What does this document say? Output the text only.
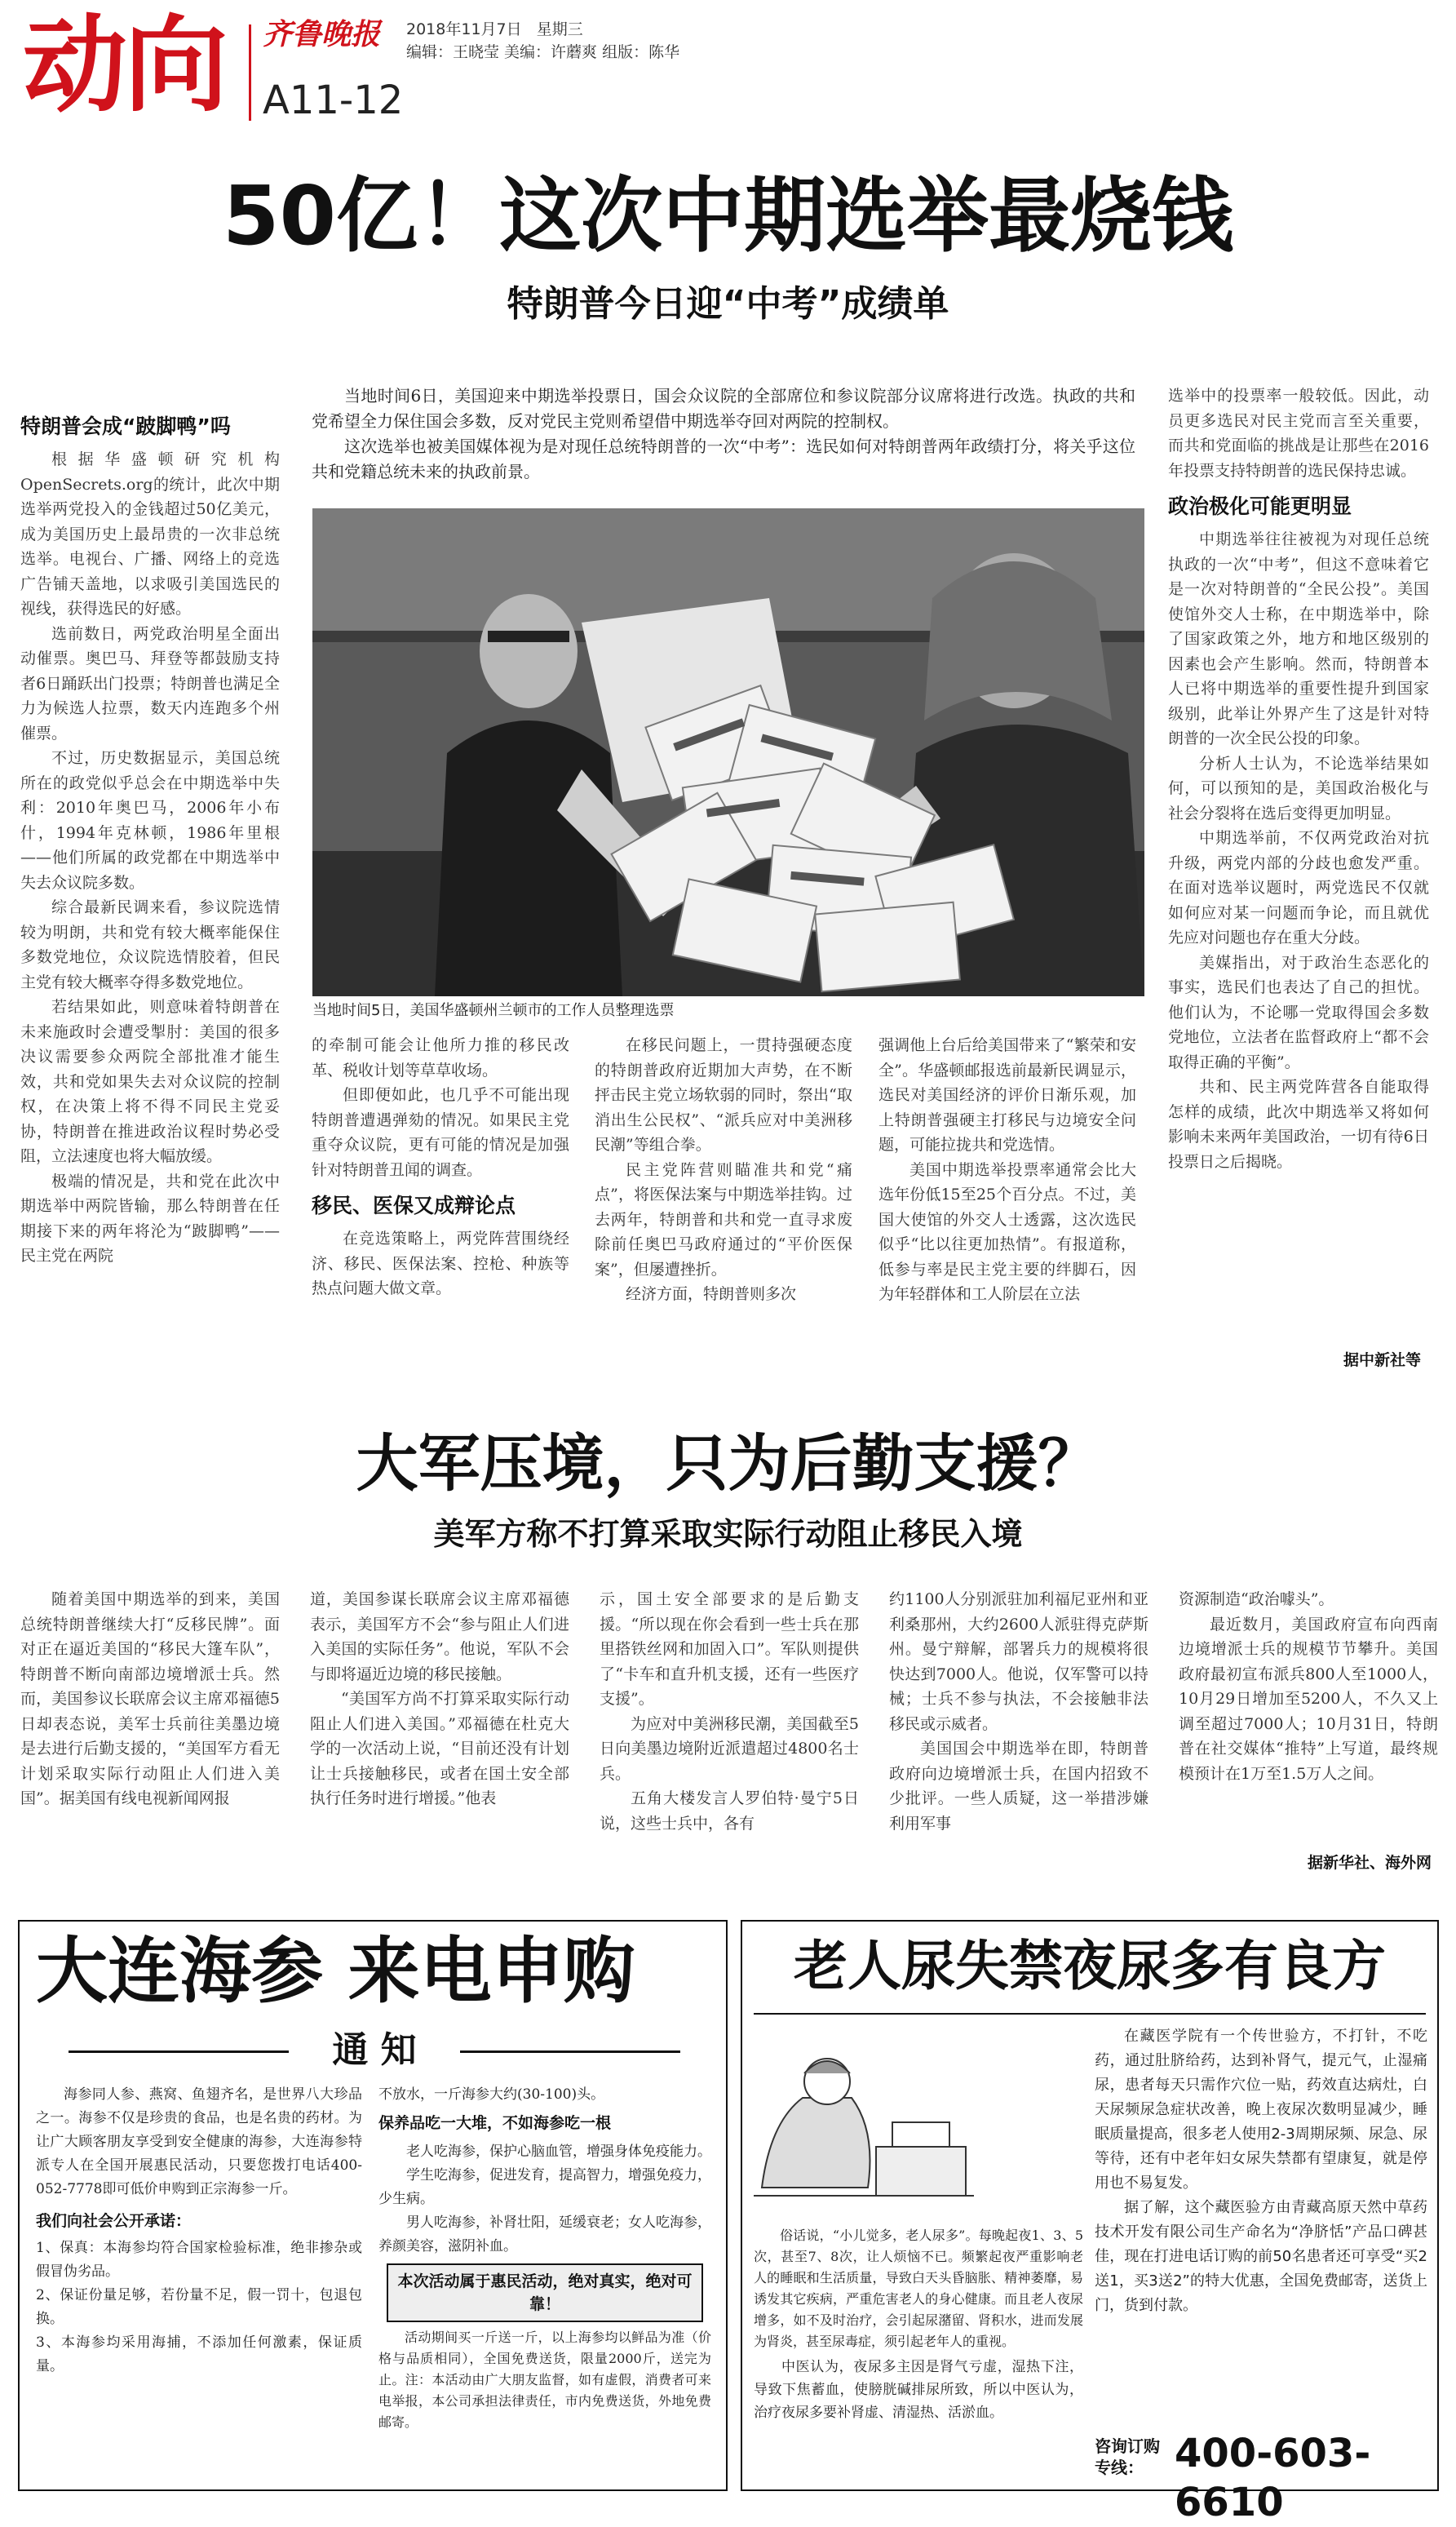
动向 齐鲁晚报 2018年11月7日 星期三
编辑：王晓莹 美编：许蘑爽 组版：陈华
A11-12
50亿！这次中期选举最烧钱
特朗普今日迎“中考”成绩单
特朗普会成“跛脚鸭”吗

根据华盛顿研究机构OpenSecrets.org的统计，此次中期选举两党投入的金钱超过50亿美元，成为美国历史上最昂贵的一次非总统选举。电视台、广播、网络上的竞选广告铺天盖地，以求吸引美国选民的视线，获得选民的好感。

选前数日，两党政治明星全面出动催票。奥巴马、拜登等都鼓励支持者6日踊跃出门投票；特朗普也满足全力为候选人拉票，数天内连跑多个州催票。

不过，历史数据显示，美国总统所在的政党似乎总会在中期选举中失利：2010年奥巴马，2006年小布什，1994年克林顿，1986年里根——他们所属的政党都在中期选举中失去众议院多数。

综合最新民调来看，参议院选情较为明朗，共和党有较大概率能保住多数党地位，众议院选情胶着，但民主党有较大概率夺得多数党地位。

若结果如此，则意味着特朗普在未来施政时会遭受掣肘：美国的很多决议需要参众两院全部批准才能生效，共和党如果失去对众议院的控制权，在决策上将不得不同民主党妥协，特朗普在推进政治议程时势必受阻，立法速度也将大幅放缓。

极端的情况是，共和党在此次中期选举中两院皆输，那么特朗普在任期接下来的两年将沦为“跛脚鸭”——民主党在两院

当地时间6日，美国迎来中期选举投票日，国会众议院的全部席位和参议院部分议席将进行改选。执政的共和党希望全力保住国会多数，反对党民主党则希望借中期选举夺回对两院的控制权。

这次选举也被美国媒体视为是对现任总统特朗普的一次“中考”：选民如何对特朗普两年政绩打分，将关乎这位共和党籍总统未来的执政前景。

当地时间5日，美国华盛顿州兰顿市的工作人员整理选票

的牵制可能会让他所力推的移民改革、税收计划等草草收场。

但即便如此，也几乎不可能出现特朗普遭遇弹劾的情况。如果民主党重夺众议院，更有可能的情况是加强针对特朗普丑闻的调查。

移民、医保又成辩论点

在竞选策略上，两党阵营围绕经济、移民、医保法案、控枪、种族等热点问题大做文章。

在移民问题上，一贯持强硬态度的特朗普政府近期加大声势，在不断抨击民主党立场软弱的同时，祭出“取消出生公民权”、“派兵应对中美洲移民潮”等组合拳。

民主党阵营则瞄准共和党“痛点”，将医保法案与中期选举挂钩。过去两年，特朗普和共和党一直寻求废除前任奥巴马政府通过的“平价医保案”，但屡遭挫折。

经济方面，特朗普则多次

强调他上台后给美国带来了“繁荣和安全”。华盛顿邮报选前最新民调显示，选民对美国经济的评价日渐乐观，加上特朗普强硬主打移民与边境安全问题，可能拉拢共和党选情。

美国中期选举投票率通常会比大选年份低15至25个百分点。不过，美国大使馆的外交人士透露，这次选民似乎“比以往更加热情”。有报道称，低参与率是民主党主要的绊脚石，因为年轻群体和工人阶层在立法

选举中的投票率一般较低。因此，动员更多选民对民主党而言至关重要，而共和党面临的挑战是让那些在2016年投票支持特朗普的选民保持忠诚。

政治极化可能更明显

中期选举往往被视为对现任总统执政的一次“中考”，但这不意味着它是一次对特朗普的“全民公投”。美国使馆外交人士称，在中期选举中，除了国家政策之外，地方和地区级别的因素也会产生影响。然而，特朗普本人已将中期选举的重要性提升到国家级别，此举让外界产生了这是针对特朗普的一次全民公投的印象。

分析人士认为，不论选举结果如何，可以预知的是，美国政治极化与社会分裂将在选后变得更加明显。

中期选举前，不仅两党政治对抗升级，两党内部的分歧也愈发严重。在面对选举议题时，两党选民不仅就如何应对某一问题而争论，而且就优先应对问题也存在重大分歧。

美媒指出，对于政治生态恶化的事实，选民们也表达了自己的担忧。他们认为，不论哪一党取得国会多数党地位，立法者在监督政府上“都不会取得正确的平衡”。

共和、民主两党阵营各自能取得怎样的成绩，此次中期选举又将如何影响未来两年美国政治，一切有待6日投票日之后揭晓。

据中新社等
大军压境，只为后勤支援？
美军方称不打算采取实际行动阻止移民入境

随着美国中期选举的到来，美国总统特朗普继续大打“反移民牌”。面对正在逼近美国的“移民大篷车队”，特朗普不断向南部边境增派士兵。然而，美国参议长联席会议主席邓福德5日却表态说，美军士兵前往美墨边境是去进行后勤支援的，“美国军方看无计划采取实际行动阻止人们进入美国”。据美国有线电视新闻网报

道，美国参谋长联席会议主席邓福德表示，美国军方不会“参与阻止人们进入美国的实际任务”。他说，军队不会与即将逼近边境的移民接触。

“美国军方尚不打算采取实际行动阻止人们进入美国。”邓福德在杜克大学的一次活动上说，“目前还没有计划让士兵接触移民，或者在国土安全部执行任务时进行增援。”他表

示，国土安全部要求的是后勤支援。“所以现在你会看到一些士兵在那里搭铁丝网和加固入口”。军队则提供了“卡车和直升机支援，还有一些医疗支援”。

为应对中美洲移民潮，美国截至5日向美墨边境附近派遣超过4800名士兵。

五角大楼发言人罗伯特·曼宁5日说，这些士兵中，各有

约1100人分别派驻加利福尼亚州和亚利桑那州，大约2600人派驻得克萨斯州。曼宁辩解，部署兵力的规模将很快达到7000人。他说，仅军警可以持械；士兵不参与执法，不会接触非法移民或示威者。

美国国会中期选举在即，特朗普政府向边境增派士兵，在国内招致不少批评。一些人质疑，这一举措涉嫌利用军事

资源制造“政治噱头”。

最近数月，美国政府宣布向西南边境增派士兵的规模节节攀升。美国政府最初宣布派兵800人至1000人，10月29日增加至5200人，不久又上调至超过7000人；10月31日，特朗普在社交媒体“推特”上写道，最终规模预计在1万至1.5万人之间。

据新华社、海外网
大连海参 来电申购
通 知

海参同人参、燕窝、鱼翅齐名，是世界八大珍品之一。海参不仅是珍贵的食品，也是名贵的药材。为让广大顾客朋友享受到安全健康的海参，大连海参特派专人在全国开展惠民活动，只要您拨打电话400-052-7778即可低价申购到正宗海参一斤。

我们向社会公开承诺：
1、保真：本海参均符合国家检验标准，绝非掺杂或假冒伪劣品。
2、保证份量足够，若份量不足，假一罚十，包退包换。
3、本海参均采用海捕，不添加任何激素，保证质量。
不放水，一斤海参大约(30-100)头。
保养品吃一大堆，不如海参吃一根

老人吃海参，保护心脑血管，增强身体免疫能力。

学生吃海参，促进发育，提高智力，增强免疫力，少生病。

男人吃海参，补肾壮阳，延缓衰老；女人吃海参，养颜美容，滋阴补血。

本次活动属于惠民活动，绝对真实，绝对可靠！

活动期间买一斤送一斤，以上海参均以鲜品为准（价格与品质相同），全国免费送货，限量2000斤，送完为止。注：本活动由广大朋友监督，如有虚假，消费者可来电举报，本公司承担法律责任，市内免费送货，外地免费邮寄。

老人尿失禁夜尿多有良方

俗话说，“小儿觉多，老人尿多”。每晚起夜1、3、5次，甚至7、8次，让人烦恼不已。频繁起夜严重影响老人的睡眠和生活质量，导致白天头昏脑胀、精神萎靡，易诱发其它疾病，严重危害老人的身心健康。而且老人夜尿增多，如不及时治疗，会引起尿潴留、肾积水，进而发展为肾炎，甚至尿毒症，须引起老年人的重视。

中医认为，夜尿多主因是肾气亏虚，湿热下注，导致下焦蓄血，使膀胱碱排尿所致，所以中医认为，治疗夜尿多要补肾虚、清湿热、活淤血。

在藏医学院有一个传世验方，不打针，不吃药，通过肚脐给药，达到补肾气，提元气，止湿痛尿，患者每天只需作穴位一贴，药效直达病灶，白天尿频尿急症状改善，晚上夜尿次数明显减少，睡眠质量提高，很多老人使用2-3周期尿频、尿急、尿等待，还有中老年妇女尿失禁都有望康复，就是停用也不易复发。

据了解，这个藏医验方由青藏高原天然中草药技术开发有限公司生产命名为“净脐恬”产品口碑甚佳，现在打进电话订购的前50名患者还可享受“买2送1，买3送2”的特大优惠，全国免费邮寄，送货上门，货到付款。

咨询订购专线： 400-603-6610
